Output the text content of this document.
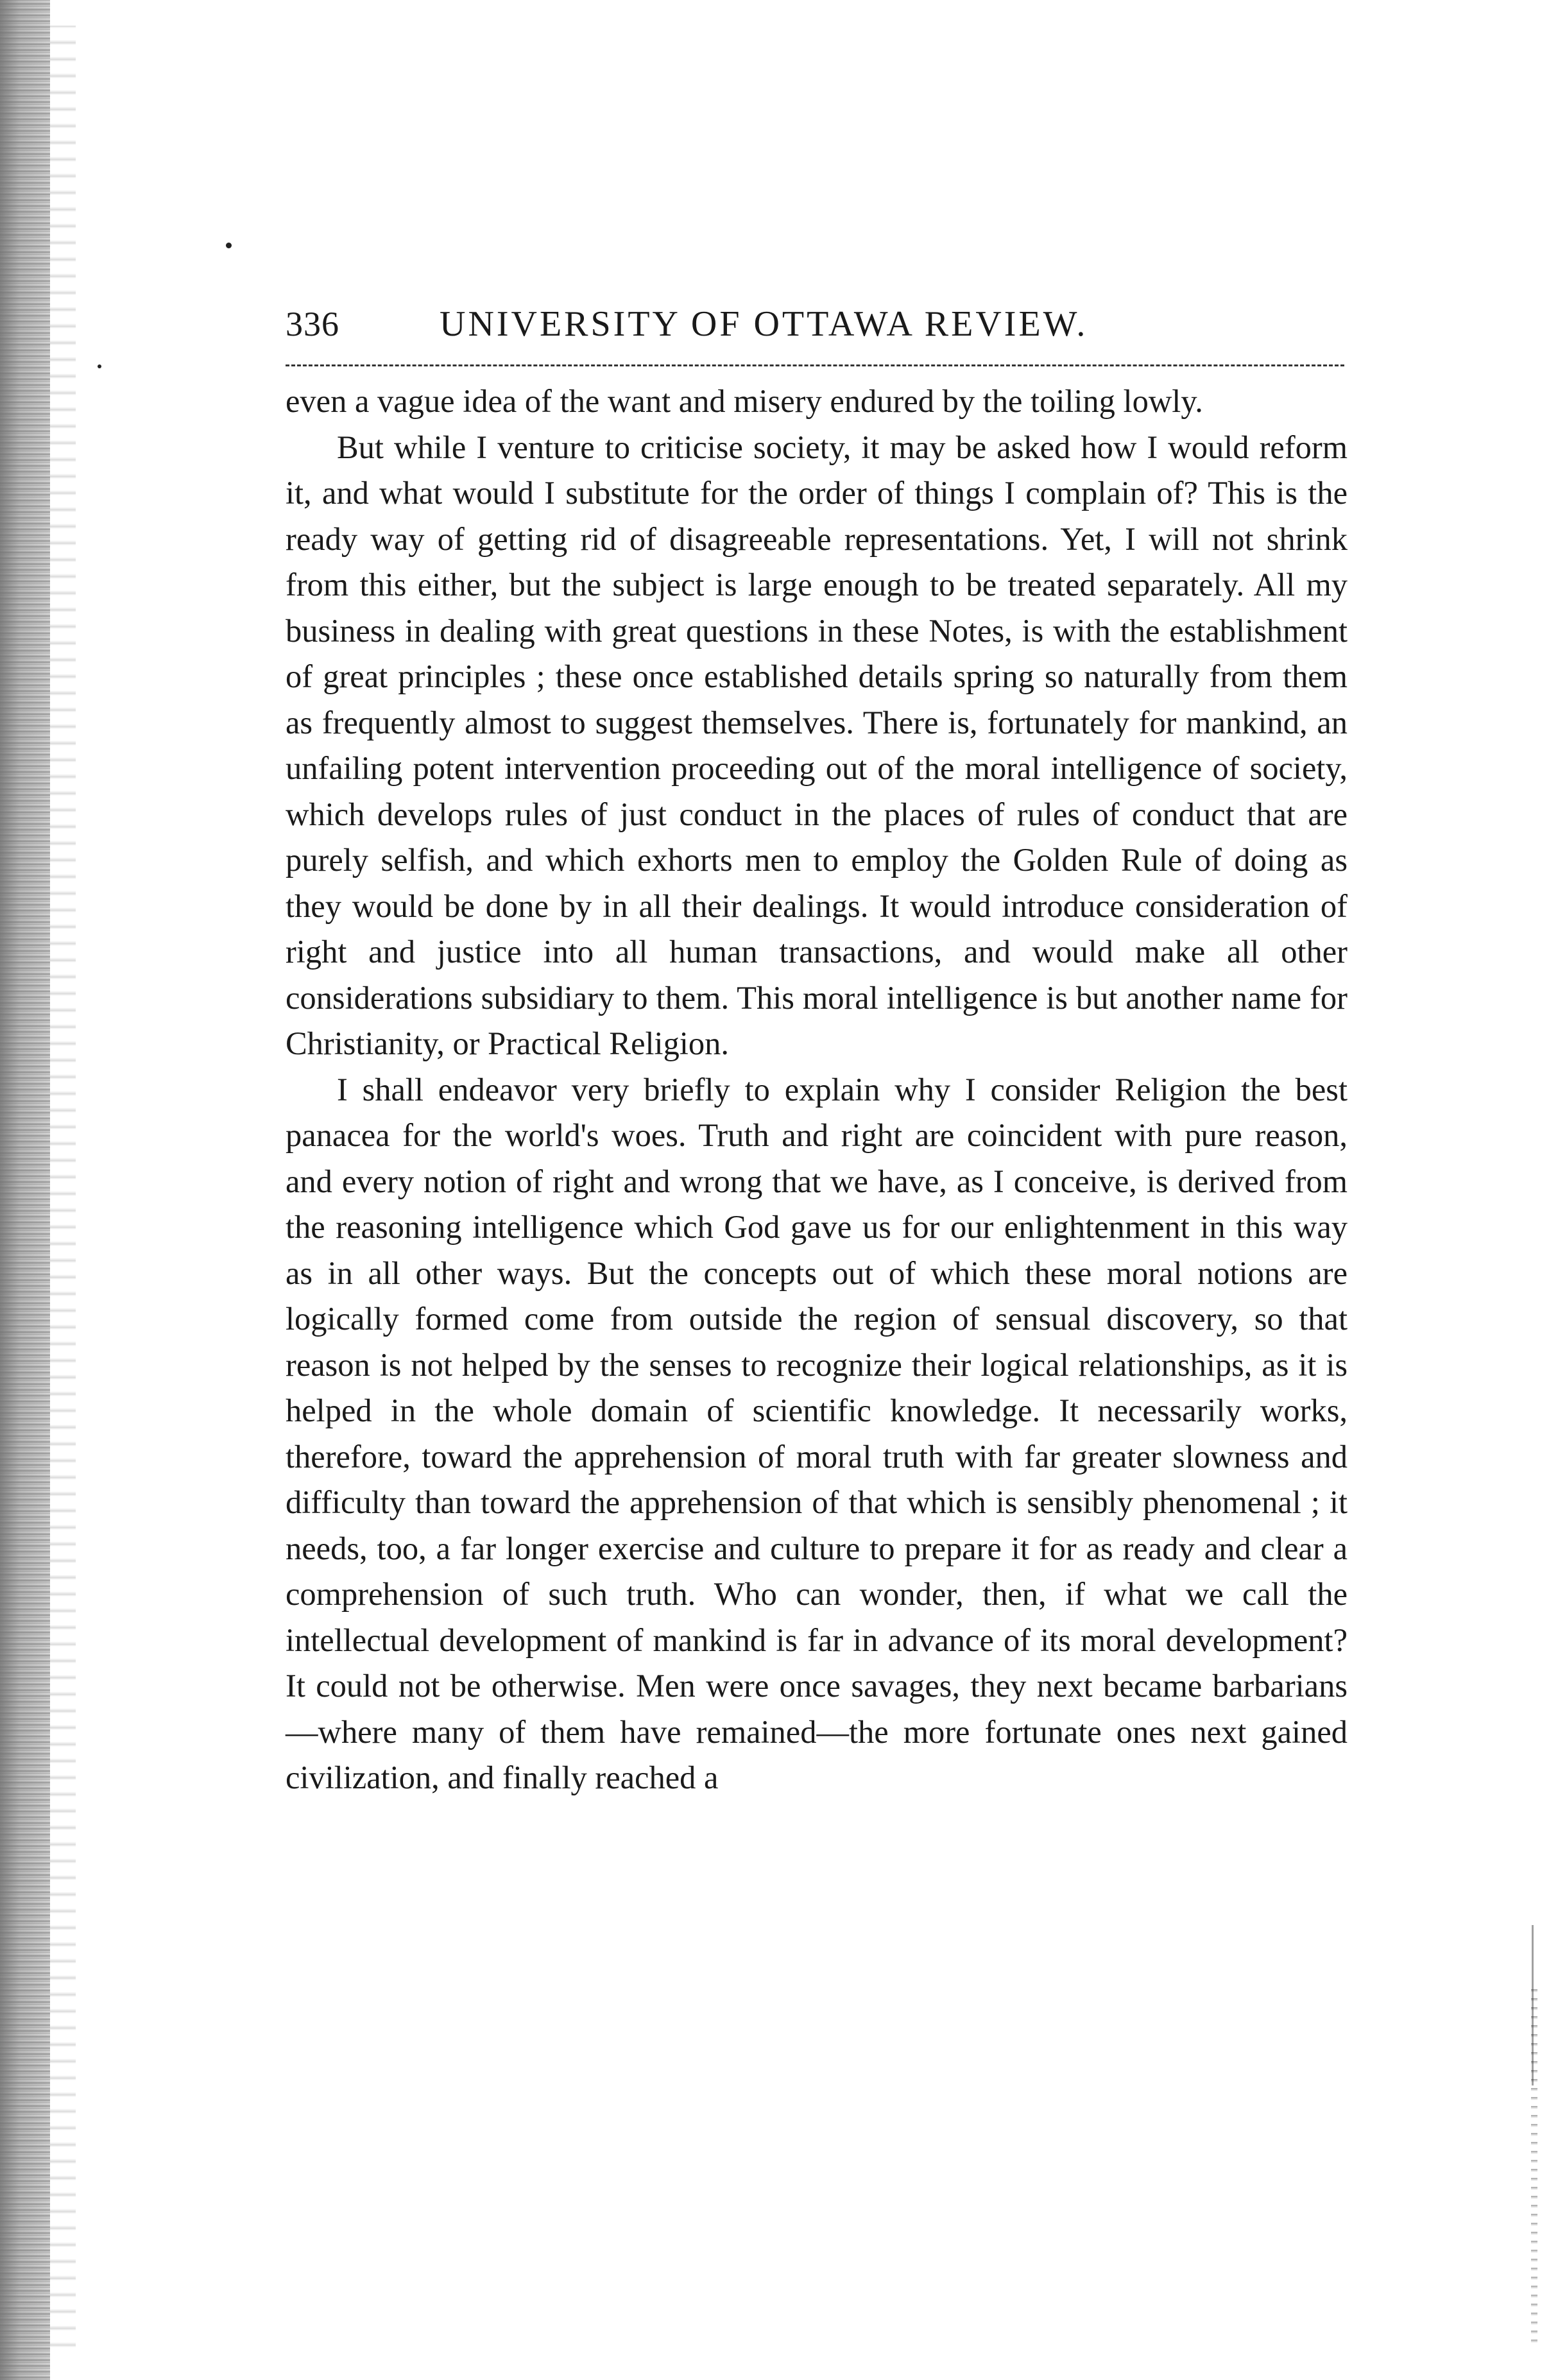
336	UNIVERSITY OF OTTAWA REVIEW.

even a vague idea of the want and misery endured by the toiling lowly.

But while I venture to criticise society, it may be asked how I would reform it, and what would I substitute for the order of things I complain of? This is the ready way of getting rid of disagreeable representations. Yet, I will not shrink from this either, but the subject is large enough to be treated separately. All my business in dealing with great questions in these Notes, is with the establishment of great principles ; these once established details spring so naturally from them as frequently almost to suggest themselves. There is, fortunately for mankind, an unfailing potent intervention proceeding out of the moral intelligence of society, which develops rules of just conduct in the places of rules of conduct that are purely selfish, and which exhorts men to employ the Golden Rule of doing as they would be done by in all their dealings. It would introduce consideration of right and justice into all human transactions, and would make all other considerations subsidiary to them. This moral intelligence is but another name for Christianity, or Practical Religion.

I shall endeavor very briefly to explain why I consider Religion the best panacea for the world's woes. Truth and right are coincident with pure reason, and every notion of right and wrong that we have, as I conceive, is derived from the reasoning intelligence which God gave us for our enlightenment in this way as in all other ways. But the concepts out of which these moral notions are logically formed come from outside the region of sensual discovery, so that reason is not helped by the senses to recognize their logical relationships, as it is helped in the whole domain of scientific knowledge. It necessarily works, therefore, toward the apprehension of moral truth with far greater slowness and difficulty than toward the apprehension of that which is sensibly phenomenal ; it needs, too, a far longer exercise and culture to prepare it for as ready and clear a comprehension of such truth. Who can wonder, then, if what we call the intellectual development of mankind is far in advance of its moral development? It could not be otherwise. Men were once savages, they next became barbarians—where many of them have remained—the more fortunate ones next gained civilization, and finally reached a
